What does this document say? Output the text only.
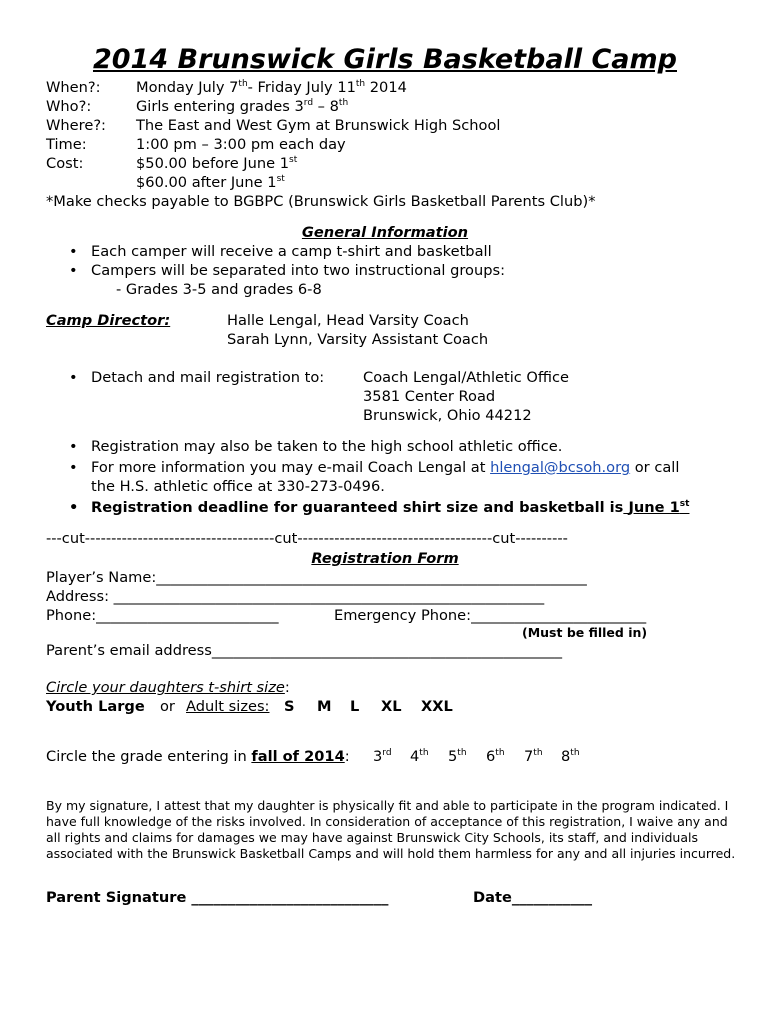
2014 Brunswick Girls Basketball Camp
When?: Monday July 7th- Friday July 11th 2014
Who?:	Girls entering grades 3rd – 8th
Where?: The East and West Gym at Brunswick High School
Time:	1:00 pm – 3:00 pm each day
Cost:	$50.00 before June 1st
$60.00 after June 1st
*Make checks payable to BGBPC (Brunswick Girls Basketball Parents Club)*
General Information
• Each camper will receive a camp t-shirt and basketball
• Campers will be separated into two instructional groups:
- Grades 3-5 and grades 6-8
Camp Director:	Halle Lengal, Head Varsity Coach
Sarah Lynn, Varsity Assistant Coach
• Detach and mail registration to:	Coach Lengal/Athletic Office
3581 Center Road
Brunswick, Ohio 44212
• Registration may also be taken to the high school athletic office.
• For more information you may e-mail Coach Lengal at hlengal@bcsoh.org or call
the H.S. athletic office at 330-273-0496.
• Registration deadline for guaranteed shirt size and basketball is June 1st
---cut------------------------------------cut-------------------------------------cut----------
Registration Form
Player’s Name:___________________________________________________________
Address: ___________________________________________________________
Phone:_________________________	Emergency Phone:________________________
(Must be filled in)
Parent’s email address________________________________________________
Circle your daughters t-shirt size:
Youth Large or Adult sizes: S M L XL XXL
Circle the grade entering in fall of 2014: 3rd 4th 5th 6th 7th 8th
By my signature, I attest that my daughter is physically fit and able to participate in the program indicated. I have full knowledge of the risks involved. In consideration of acceptance of this registration, I waive any and all rights and claims for damages we may have against Brunswick City Schools, its staff, and individuals associated with the Brunswick Basketball Camps and will hold them harmless for any and all injuries incurred.
Parent Signature ___________________________	Date___________
